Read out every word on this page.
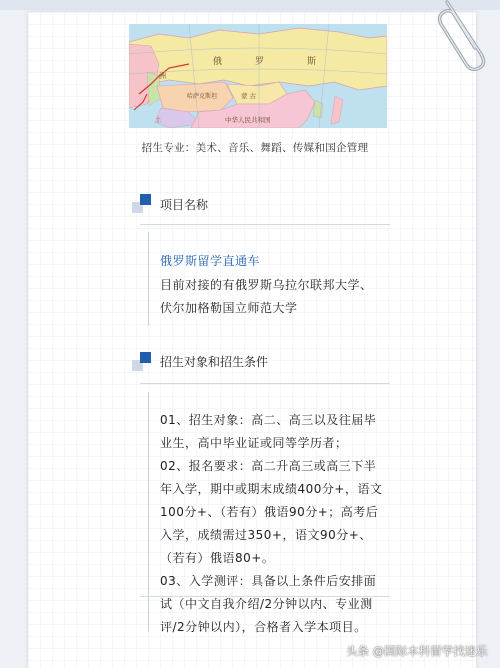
俄	罗	斯
洲
哈萨克斯坦	蒙 古
中华人民共和国
土
招生专业：美术、音乐、舞蹈、传媒和国企管理
项目名称
俄罗斯留学直通车
目前对接的有俄罗斯乌拉尔联邦大学、
伏尔加格勒国立师范大学
招生对象和招生条件
01、招生对象：高二、高三以及往届毕
业生，高中毕业证或同等学历者；
02、报名要求：高二升高三或高三下半
年入学，期中或期末成绩400分+，语文
100分+、（若有）俄语90分+；高考后
入学，成绩需过350+，语文90分+、
（若有）俄语80+。
03、入学测评：具备以上条件后安排面
试（中文自我介绍/2分钟以内、专业测
评/2分钟以内），合格者入学本项目。
头条 @国际本科留学找迷乐
